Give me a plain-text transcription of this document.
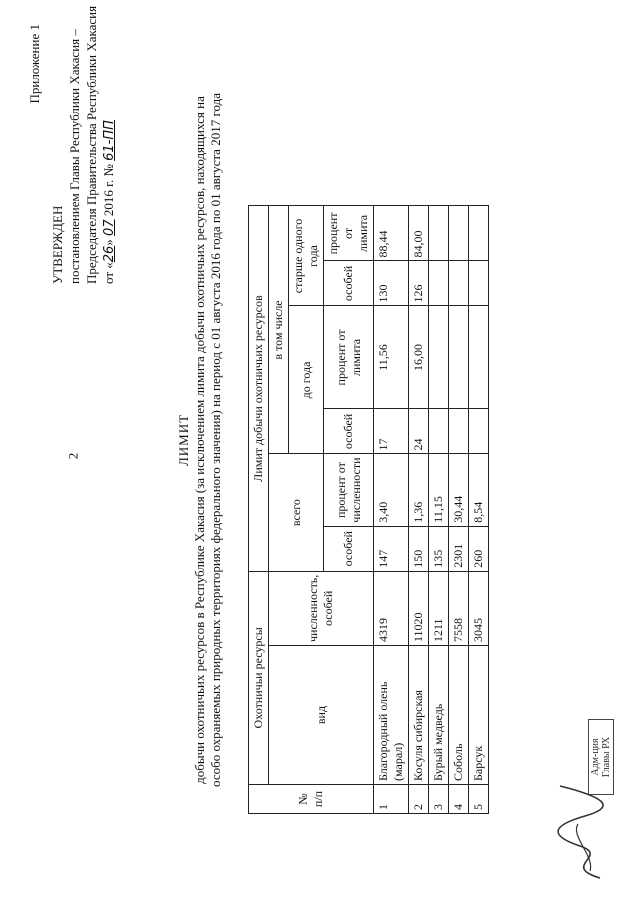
2
Приложение 1
УТВЕРЖДЕН постановлением Главы Республики Хакасия – Председателя Правительства Республики Хакасия от «26» 07 2016 г. № 61-ПП
ЛИМИТ добычи охотничьих ресурсов в Республике Хакасия (за исключением лимита добычи охотничьих ресурсов, находящихся на особо охраняемых природных территориях федерального значения) на период с 01 августа 2016 года по 01 августа 2017 года
№ п/п	Охотничьи ресурсы		Лимит добычи охотничьих ресурсов					
	вид	численность, особей	всего		в том числе			
					до года		старше одного года	
			особей	процент от численности	особей	процент от лимита	особей	процент от лимита
1	Благородный олень (марал)	4319	147	3,40	17	11,56	130	88,44
2	Косуля сибирская	11020	150	1,36	24	16,00	126	84,00
3	Бурый медведь	1211	135	11,15				
4	Соболь	7558	2301	30,44				
5	Барсук	3045	260	8,54				
Адм-ция Главы РХ
